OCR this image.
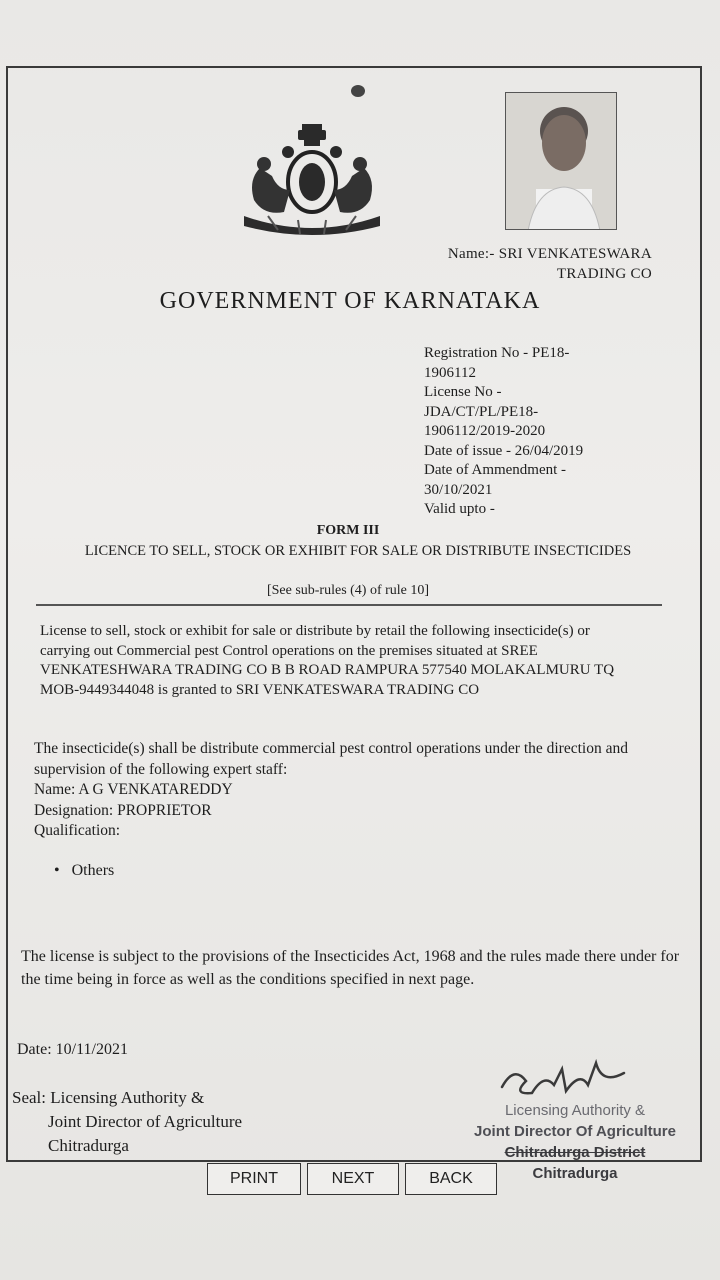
Name:- SRI VENKATESWARA
TRADING CO
GOVERNMENT OF KARNATAKA
Registration No - PE18-
1906112
License No -
JDA/CT/PL/PE18-
1906112/2019-2020
Date of issue - 26/04/2019
Date of Ammendment -
30/10/2021
Valid upto -
FORM III
LICENCE TO SELL, STOCK OR EXHIBIT FOR SALE OR DISTRIBUTE INSECTICIDES
[See sub-rules (4) of rule 10]
License to sell, stock or exhibit for sale or distribute by retail the following insecticide(s) or carrying out Commercial pest Control operations on the premises situated at SREE VENKATESHWARA TRADING CO B B ROAD RAMPURA 577540 MOLAKALMURU TQ MOB-9449344048 is granted to SRI VENKATESWARA TRADING CO
The insecticide(s) shall be distribute commercial pest control operations under the direction and supervision of the following expert staff:
Name: A G VENKATAREDDY
Designation: PROPRIETOR
Qualification:
• Others
The license is subject to the provisions of the Insecticides Act, 1968 and the rules made there under for the time being in force as well as the conditions specified in next page.
Date: 10/11/2021
Seal: Licensing Authority &
Joint Director of Agriculture
Chitradurga
Licensing Authority &
Joint Director Of Agriculture
Chitradurga District
Chitradurga
PRINT	NEXT	BACK
